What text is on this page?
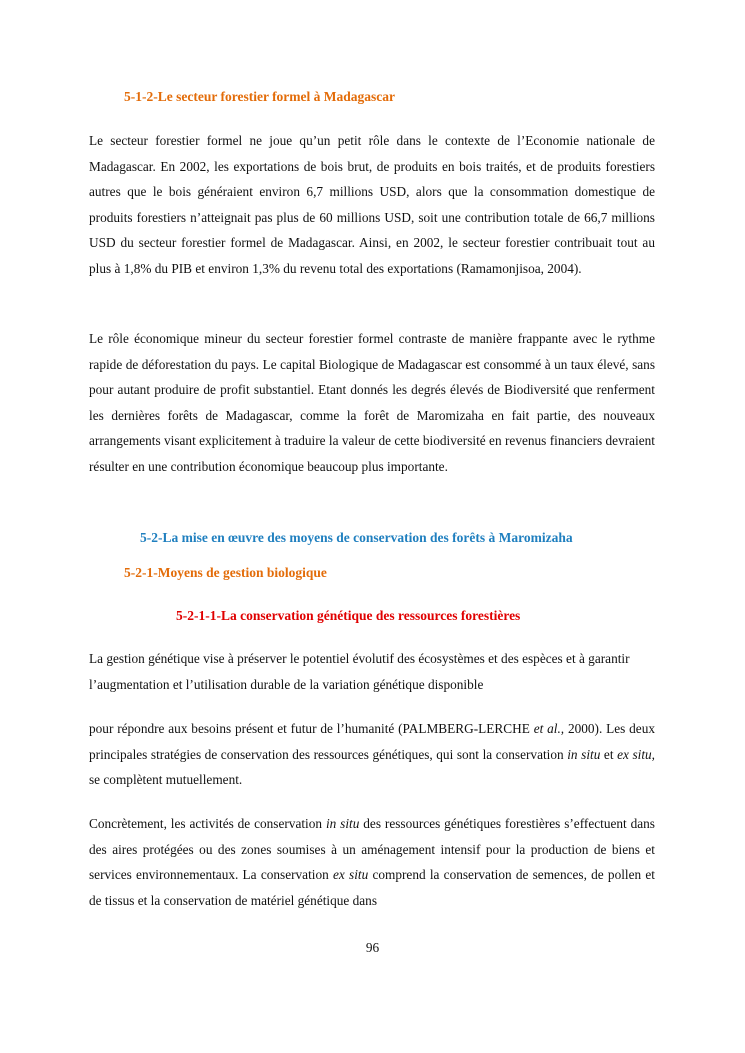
5-1-2-Le secteur forestier formel à Madagascar

Le secteur forestier formel ne joue qu’un petit rôle dans le contexte de l’Economie nationale de Madagascar. En 2002, les exportations de bois brut, de produits en bois traités, et de produits forestiers autres que le bois généraient environ 6,7 millions USD, alors que la consommation domestique de produits forestiers n’atteignait pas plus de 60 millions USD, soit une contribution totale de 66,7 millions USD du secteur forestier formel de Madagascar. Ainsi, en 2002, le secteur forestier contribuait tout au plus à 1,8% du PIB et environ 1,3% du revenu total des exportations (Ramamonjisoa, 2004).

Le rôle économique mineur du secteur forestier formel contraste de manière frappante avec le rythme rapide de déforestation du pays. Le capital Biologique de Madagascar est consommé à un taux élevé, sans pour autant produire de profit substantiel. Etant donnés les degrés élevés de Biodiversité que renferment les dernières forêts de Madagascar, comme la forêt de Maromizaha en fait partie, des nouveaux arrangements visant explicitement à traduire la valeur de cette biodiversité en revenus financiers devraient résulter en une contribution économique beaucoup plus importante.

5-2-La mise en œuvre des moyens de conservation des forêts à Maromizaha
5-2-1-Moyens de gestion biologique
5-2-1-1-La conservation génétique des ressources forestières

La gestion génétique vise à préserver le potentiel évolutif des écosystèmes et des espèces et à garantir l’augmentation et l’utilisation durable de la variation génétique disponible

pour répondre aux besoins présent et futur de l’humanité (PALMBERG-LERCHE et al., 2000). Les deux principales stratégies de conservation des ressources génétiques, qui sont la conservation in situ et ex situ, se complètent mutuellement.

Concrètement, les activités de conservation in situ des ressources génétiques forestières s’effectuent dans des aires protégées ou des zones soumises à un aménagement intensif pour la production de biens et services environnementaux. La conservation ex situ comprend la conservation de semences, de pollen et de tissus et la conservation de matériel génétique dans

96
